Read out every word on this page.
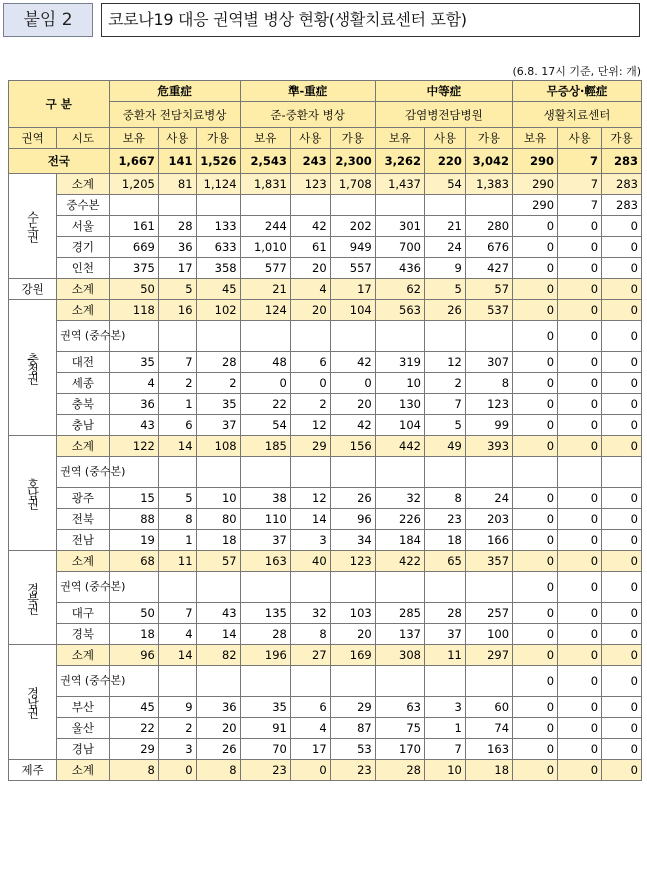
붙임 2	코로나19 대응 권역별 병상 현황(생활치료센터 포함)
(6.8. 17시 기준, 단위: 개)
구 분		危重症			準-重症			中等症			무증상·輕症		
		중환자 전담치료병상			준-중환자 병상			감염병전담병원			생활치료센터		
권역	시도	보유	사용	가용	보유	사용	가용	보유	사용	가용	보유	사용	가용
전국		1,667	141	1,526	2,543	243	2,300	3,262	220	3,042	290	7	283
수도권	소계	1,205	81	1,124	1,831	123	1,708	1,437	54	1,383	290	7	283
	중수본										290	7	283
	서울	161	28	133	244	42	202	301	21	280	0	0	0
	경기	669	36	633	1,010	61	949	700	24	676	0	0	0
	인천	375	17	358	577	20	557	436	9	427	0	0	0
강원	소계	50	5	45	21	4	17	62	5	57	0	0	0
충청권	소계	118	16	102	124	20	104	563	26	537	0	0	0
	권역 (중수본)										0	0	0
	대전	35	7	28	48	6	42	319	12	307	0	0	0
	세종	4	2	2	0	0	0	10	2	8	0	0	0
	충북	36	1	35	22	2	20	130	7	123	0	0	0
	충남	43	6	37	54	12	42	104	5	99	0	0	0
호남권	소계	122	14	108	185	29	156	442	49	393	0	0	0
	권역 (중수본)												
	광주	15	5	10	38	12	26	32	8	24	0	0	0
	전북	88	8	80	110	14	96	226	23	203	0	0	0
	전남	19	1	18	37	3	34	184	18	166	0	0	0
경북권	소계	68	11	57	163	40	123	422	65	357	0	0	0
	권역 (중수본)										0	0	0
	대구	50	7	43	135	32	103	285	28	257	0	0	0
	경북	18	4	14	28	8	20	137	37	100	0	0	0
경남권	소계	96	14	82	196	27	169	308	11	297	0	0	0
	권역 (중수본)										0	0	0
	부산	45	9	36	35	6	29	63	3	60	0	0	0
	울산	22	2	20	91	4	87	75	1	74	0	0	0
	경남	29	3	26	70	17	53	170	7	163	0	0	0
제주	소계	8	0	8	23	0	23	28	10	18	0	0	0
